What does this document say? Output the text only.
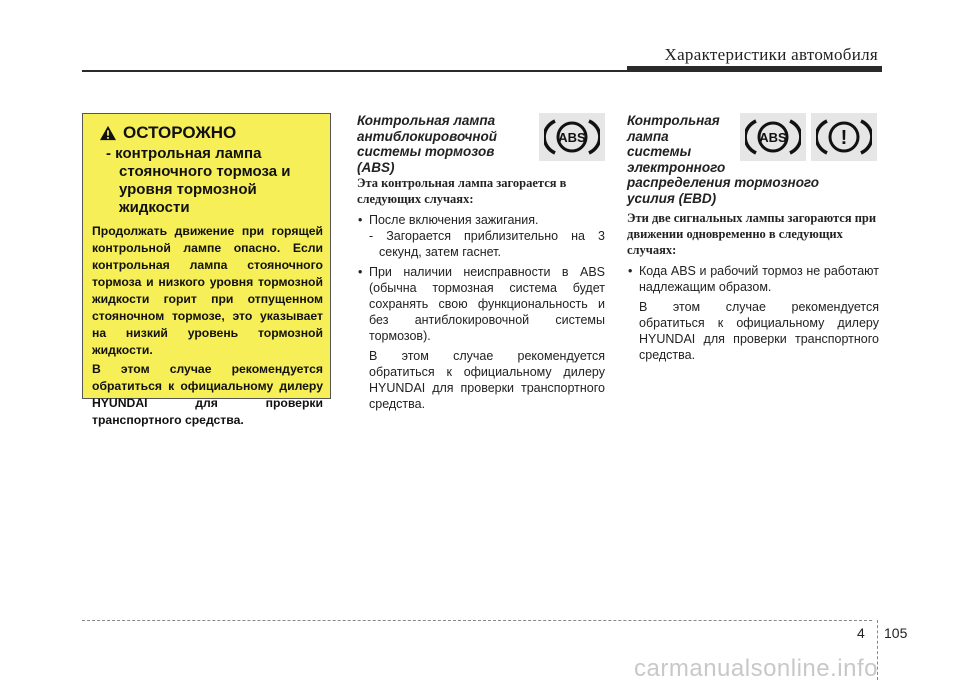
Характеристики автомобиля
ОСТОРОЖНО
- контрольная лампа стояночного тормоза и уровня тормозной жидкости

Продолжать движение при горящей контрольной лампе опасно. Если контрольная лампа стояночного тормоза и низкого уровня тормозной жидкости горит при отпущенном стояночном тормозе, это указывает на низкий уровень тормозной жидкости.

В этом случае рекомендуется обратиться к официальному дилеру HYUNDAI для проверки транспортного средства.

Контрольная лампа
антиблокировочной
системы тормозов
(ABS)
Эта контрольная лампа загорается в следующих случаях:
• После включения зажигания.
- Загорается приблизительно на 3 секунд, затем гаснет.
• При наличии неисправности в ABS (обычна тормозная система будет сохранять свою функциональность и без антиблокировочной системы тормозов).
В этом случае рекомендуется обратиться к официальному дилеру HYUNDAI для проверки транспортного средства.
ABS
Контрольная
лампа
системы
электронного
распределения тормозного
усилия (EBD)
Эти две сигнальных лампы загораются при движении одновременно в следующих случаях:
• Кода ABS и рабочий тормоз не работают надлежащим образом.
В этом случае рекомендуется обратиться к официальному дилеру HYUNDAI для проверки транспортного средства.
ABS	!
4 105
carmanualsonline.info
